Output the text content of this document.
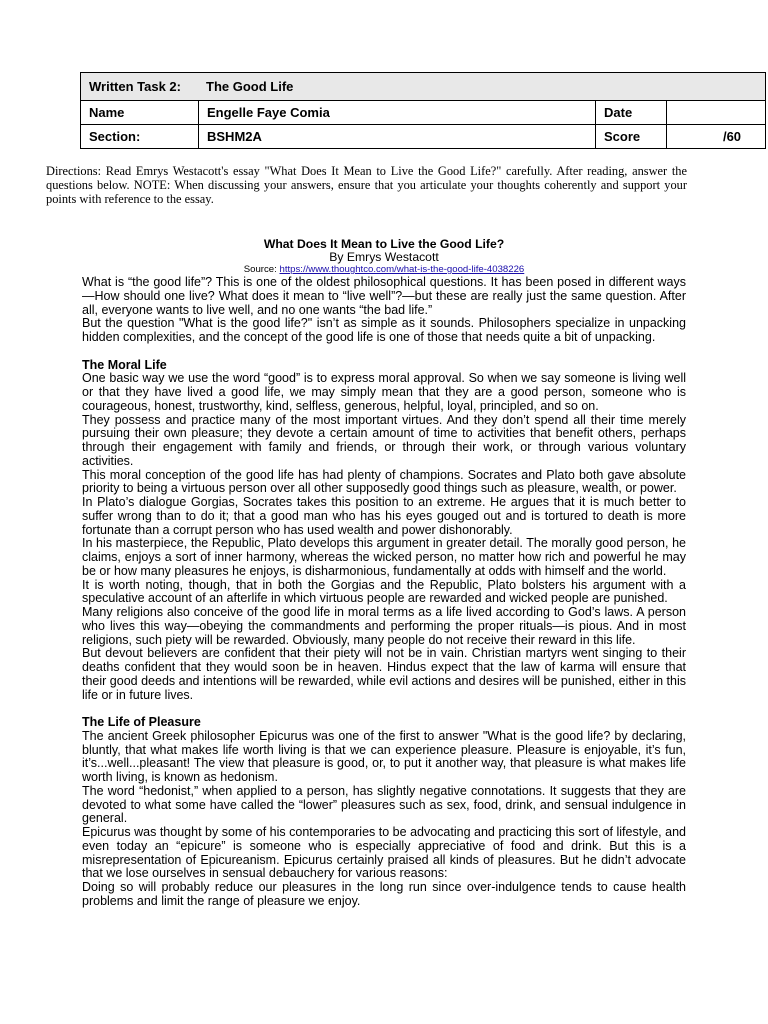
Written Task 2: The Good Life			
Name	Engelle Faye Comia	Date	
Section:	BSHM2A	Score	/60

Directions: Read Emrys Westacott's essay "What Does It Mean to Live the Good Life?" carefully. After reading, answer the questions below. NOTE: When discussing your answers, ensure that you articulate your thoughts coherently and support your points with reference to the essay.

What Does It Mean to Live the Good Life?
By Emrys Westacott
Source: https://www.thoughtco.com/what-is-the-good-life-4038226

What is “the good life”? This is one of the oldest philosophical questions. It has been posed in different ways—How should one live? What does it mean to “live well”?—but these are really just the same question. After all, everyone wants to live well, and no one wants “the bad life.”

But the question "What is the good life?" isn’t as simple as it sounds. Philosophers specialize in unpacking hidden complexities, and the concept of the good life is one of those that needs quite a bit of unpacking.

The Moral Life

One basic way we use the word “good” is to express moral approval. So when we say someone is living well or that they have lived a good life, we may simply mean that they are a good person, someone who is courageous, honest, trustworthy, kind, selfless, generous, helpful, loyal, principled, and so on.

They possess and practice many of the most important virtues. And they don’t spend all their time merely pursuing their own pleasure; they devote a certain amount of time to activities that benefit others, perhaps through their engagement with family and friends, or through their work, or through various voluntary activities.

This moral conception of the good life has had plenty of champions. Socrates and Plato both gave absolute priority to being a virtuous person over all other supposedly good things such as pleasure, wealth, or power.

In Plato’s dialogue Gorgias, Socrates takes this position to an extreme. He argues that it is much better to suffer wrong than to do it; that a good man who has his eyes gouged out and is tortured to death is more fortunate than a corrupt person who has used wealth and power dishonorably.

In his masterpiece, the Republic, Plato develops this argument in greater detail. The morally good person, he claims, enjoys a sort of inner harmony, whereas the wicked person, no matter how rich and powerful he may be or how many pleasures he enjoys, is disharmonious, fundamentally at odds with himself and the world.

It is worth noting, though, that in both the Gorgias and the Republic, Plato bolsters his argument with a speculative account of an afterlife in which virtuous people are rewarded and wicked people are punished.

Many religions also conceive of the good life in moral terms as a life lived according to God’s laws. A person who lives this way—obeying the commandments and performing the proper rituals—is pious. And in most religions, such piety will be rewarded. Obviously, many people do not receive their reward in this life.

But devout believers are confident that their piety will not be in vain. Christian martyrs went singing to their deaths confident that they would soon be in heaven. Hindus expect that the law of karma will ensure that their good deeds and intentions will be rewarded, while evil actions and desires will be punished, either in this life or in future lives.

The Life of Pleasure

The ancient Greek philosopher Epicurus was one of the first to answer "What is the good life? by declaring, bluntly, that what makes life worth living is that we can experience pleasure. Pleasure is enjoyable, it’s fun, it’s...well...pleasant! The view that pleasure is good, or, to put it another way, that pleasure is what makes life worth living, is known as hedonism.

The word “hedonist,” when applied to a person, has slightly negative connotations. It suggests that they are devoted to what some have called the “lower” pleasures such as sex, food, drink, and sensual indulgence in general.

Epicurus was thought by some of his contemporaries to be advocating and practicing this sort of lifestyle, and even today an “epicure” is someone who is especially appreciative of food and drink. But this is a misrepresentation of Epicureanism. Epicurus certainly praised all kinds of pleasures. But he didn’t advocate that we lose ourselves in sensual debauchery for various reasons:

Doing so will probably reduce our pleasures in the long run since over-indulgence tends to cause health problems and limit the range of pleasure we enjoy.
